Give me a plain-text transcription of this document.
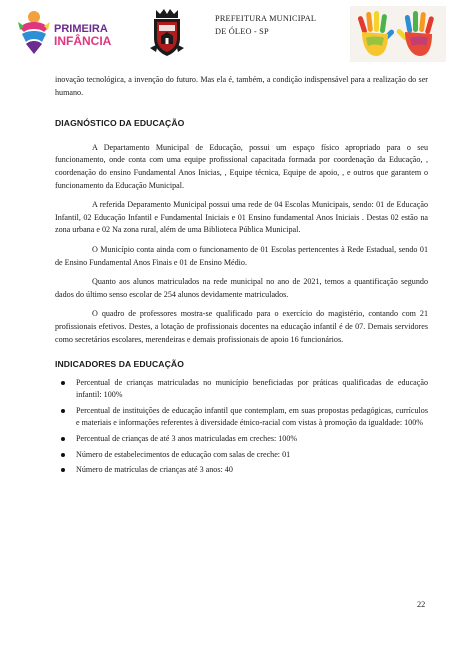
PRIMEIRA
INFÂNCIA
PREFEITURA MUNICIPAL
DE ÓLEO - SP

inovação tecnológica, a invenção do futuro. Mas ela é, também, a condição indispensável para a realização do ser humano.

DIAGNÓSTICO DA EDUCAÇÃO

A Departamento Municipal de Educação, possui um espaço físico apropriado para o seu funcionamento, onde conta com uma equipe profissional capacitada formada por coordenação da Educação, , coordenação do ensino Fundamental Anos Inicias, , Equipe técnica, Equipe de apoio, , e outros que garantem o funcionamento da Educação Municipal.

A referida Deparamento Municipal possui uma rede de 04 Escolas Municipais, sendo: 01 de Educação Infantil, 02 Educação Infantil e Fundamental Iniciais e 01 Ensino fundamental Anos Iniciais . Destas 02 estão na zona urbana e 02 Na zona rural, além de uma Biblioteca Pública Municipal.

O Município conta ainda com o funcionamento de 01 Escolas pertencentes à Rede Estadual, sendo 01 de Ensino Fundamental Anos Finais e 01 de Ensino Médio.

Quanto aos alunos matriculados na rede municipal no ano de 2021, temos a quantificação segundo dados do último senso escolar de 254 alunos devidamente matriculados.

O quadro de professores mostra-se qualificado para o exercício do magistério, contando com 21 profissionais efetivos. Destes, a lotação de profissionais docentes na educação infantil é de 07. Demais servidores como secretários escolares, merendeiras e demais profissionais de apoio 16 funcionários.

INDICADORES DA EDUCAÇÃO
Percentual de crianças matriculadas no município beneficiadas por práticas qualificadas de educação infantil: 100%
Percentual de instituições de educação infantil que contemplam, em suas propostas pedagógicas, currículos e materiais e informações referentes à diversidade étnico-racial com vistas à promoção da igualdade: 100%
Percentual de crianças de até 3 anos matriculadas em creches: 100%
Número de estabelecimentos de educação com salas de creche: 01
Número de matrículas de crianças até 3 anos: 40
22
